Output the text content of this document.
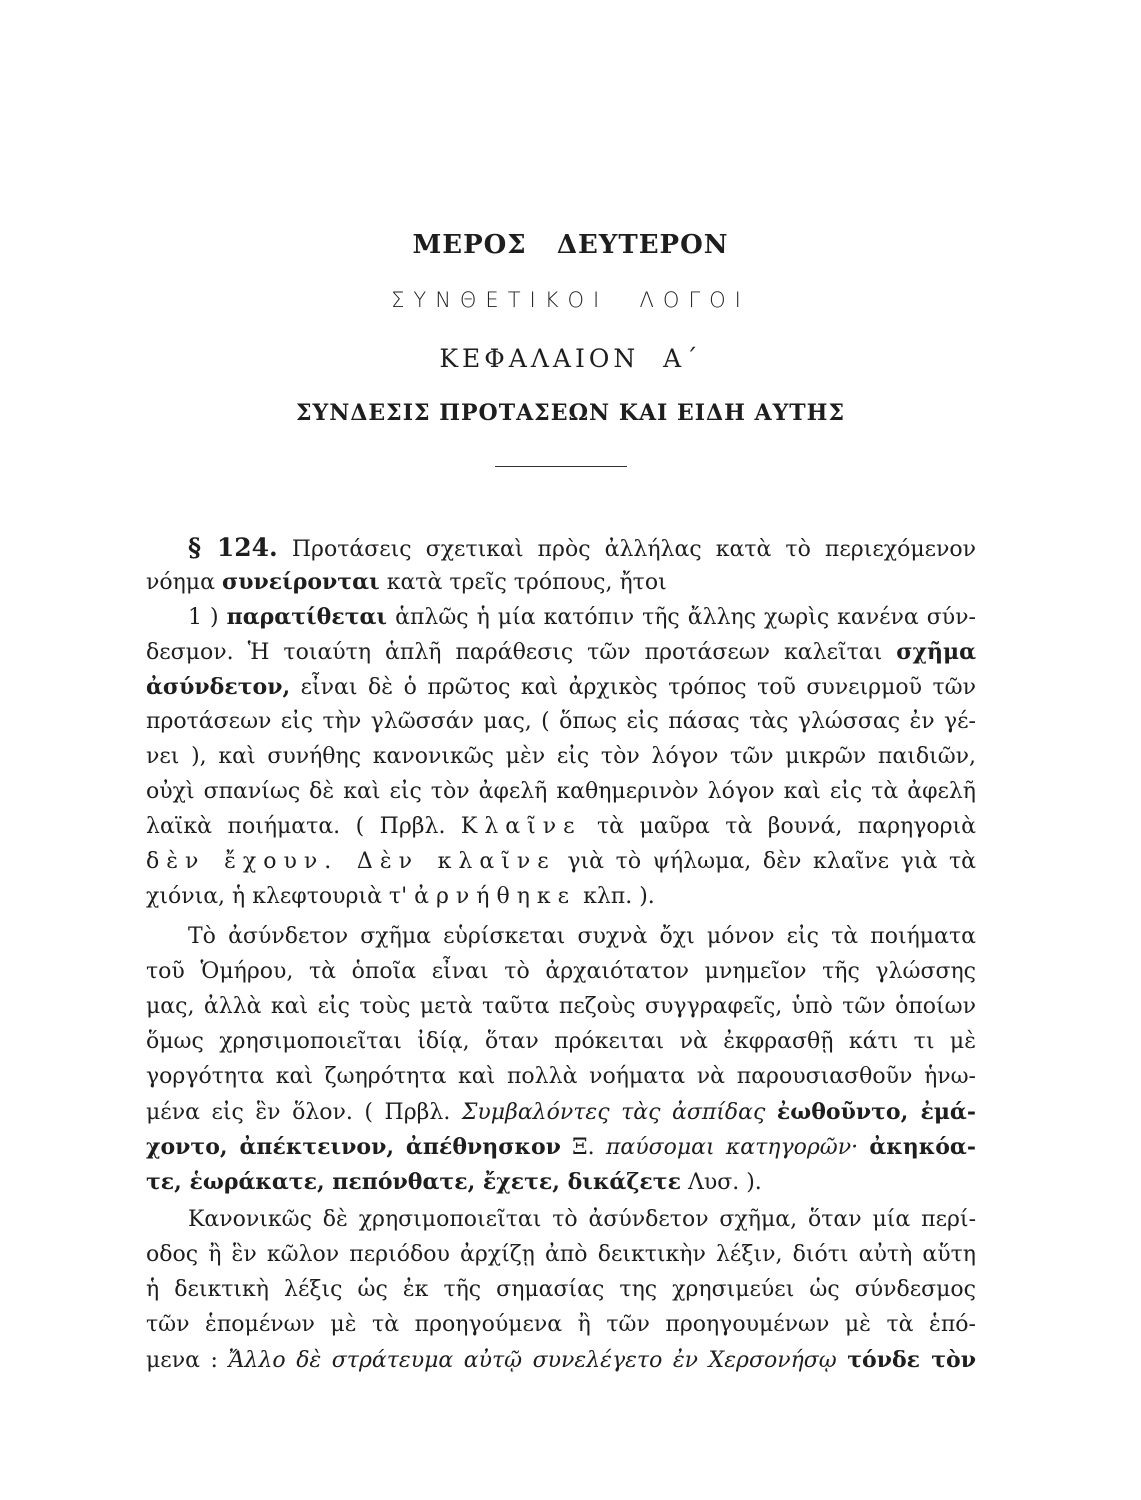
ΜΕΡΟΣ   ΔΕΥΤΕΡΟΝ
ΣΥΝΘΕΤΙΚΟΙ  ΛΟΓΟΙ
ΚΕΦΑΛΑΙΟΝ  Α΄
ΣΥΝΔΕΣΙΣ ΠΡΟΤΑΣΕΩΝ ΚΑΙ ΕΙΔΗ ΑΥΤΗΣ
§ 124. Προτάσεις σχετικαὶ πρὸς ἀλλήλας κατὰ τὸ περιεχόμενον
νόημα συνείρονται κατὰ τρεῖς τρόπους, ἤτοι
1 ) παρατίθεται ἁπλῶς ἡ μία κατόπιν τῆς ἄλλης χωρὶς κανένα σύν-
δεσμον. Ἡ τοιαύτη ἁπλῆ παράθεσις τῶν προτάσεων καλεῖται σχῆμα
ἀσύνδετον, εἶναι δὲ ὁ πρῶτος καὶ ἀρχικὸς τρόπος τοῦ συνειρμοῦ τῶν
προτάσεων εἰς τὴν γλῶσσάν μας, ( ὅπως εἰς πάσας τὰς γλώσσας ἐν γέ-
νει ), καὶ συνήθης κανονικῶς μὲν εἰς τὸν λόγον τῶν μικρῶν παιδιῶν,
οὐχὶ σπανίως δὲ καὶ εἰς τὸν ἀφελῆ καθημερινὸν λόγον καὶ εἰς τὰ ἀφελῆ
λαϊκὰ ποιήματα. ( Πρβλ. Κλαῖνε τὰ μαῦρα τὰ βουνά, παρηγοριὰ
δὲν ἔχουν. Δὲν κλαῖνε γιὰ τὸ ψήλωμα, δὲν κλαῖνε γιὰ τὰ
χιόνια, ἡ κλεφτουριὰ τ' ἀρνήθηκε κλπ. ).
Τὸ ἀσύνδετον σχῆμα εὑρίσκεται συχνὰ ὄχι μόνον εἰς τὰ ποιήματα
τοῦ Ὁμήρου, τὰ ὁποῖα εἶναι τὸ ἀρχαιότατον μνημεῖον τῆς γλώσσης
μας, ἀλλὰ καὶ εἰς τοὺς μετὰ ταῦτα πεζοὺς συγγραφεῖς, ὑπὸ τῶν ὁποίων
ὅμως χρησιμοποιεῖται ἰδίᾳ, ὅταν πρόκειται νὰ ἐκφρασθῇ κάτι τι μὲ
γοργότητα καὶ ζωηρότητα καὶ πολλὰ νοήματα νὰ παρουσιασθοῦν ἡνω-
μένα εἰς ἓν ὅλον. ( Πρβλ. Συμβαλόντες τὰς ἀσπίδας ἐωθοῦντο, ἐμά-
χοντο, ἀπέκτεινον, ἀπέθνησκον Ξ. παύσομαι κατηγορῶν· ἀκηκόα-
τε, ἑωράκατε, πεπόνθατε, ἔχετε, δικάζετε Λυσ. ).
Κανονικῶς δὲ χρησιμοποιεῖται τὸ ἀσύνδετον σχῆμα, ὅταν μία περί-
οδος ἢ ἓν κῶλον περιόδου ἀρχίζῃ ἀπὸ δεικτικὴν λέξιν, διότι αὐτὴ αὕτη
ἡ δεικτικὴ λέξις ὡς ἐκ τῆς σημασίας της χρησιμεύει ὡς σύνδεσμος
τῶν ἑπομένων μὲ τὰ προηγούμενα ἢ τῶν προηγουμένων μὲ τὰ ἑπό-
μενα : Ἄλλο δὲ στράτευμα αὐτῷ συνελέγετο ἐν Χερσονήσῳ τόνδε τὸν
